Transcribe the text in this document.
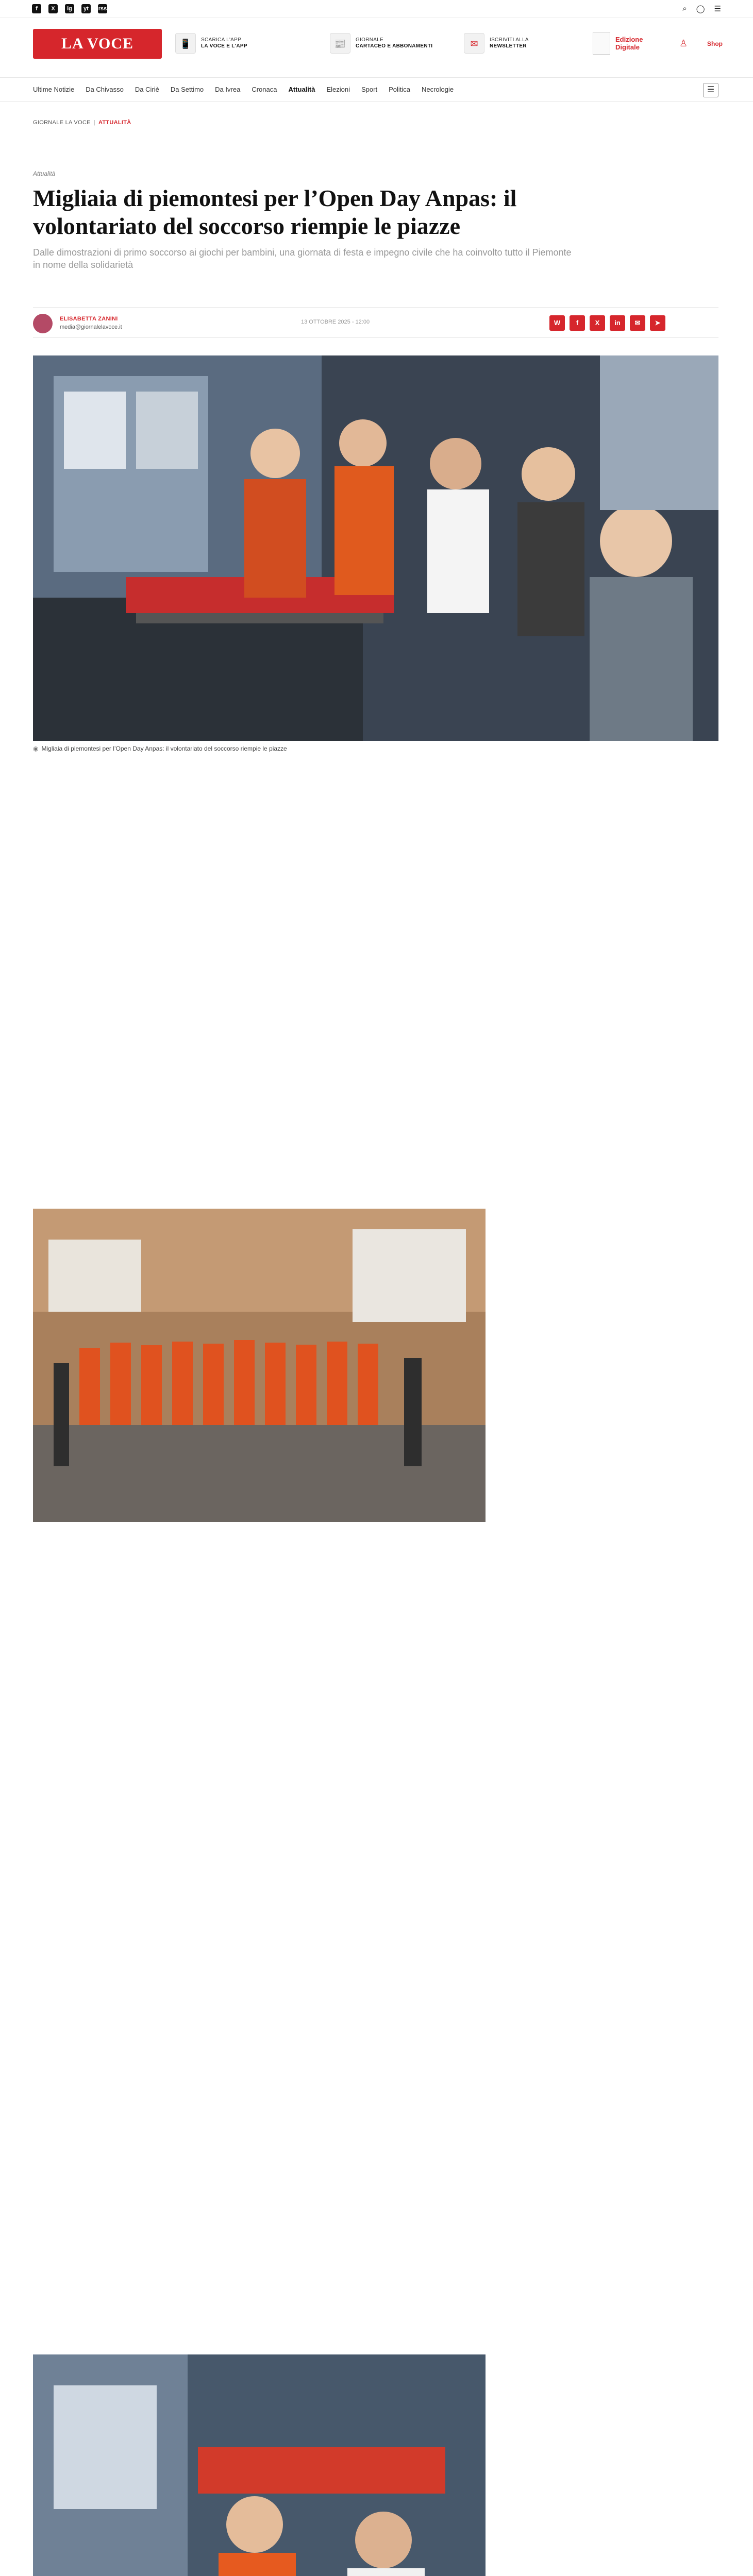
f	X	ig	yt	rss	⌕ ◯ ☰
LA VOCE	📱	SCARICA L'APP
LA VOCE E L'APP	📰	GIORNALE
CARTACEO E ABBONAMENTI	✉	ISCRIVITI ALLA
NEWSLETTER
Edizione Digitale	♙	Shop
Ultime Notizie Da Chivasso Da Ciriè Da Settimo Da Ivrea Cronaca Attualità Elezioni Sport Politica Necrologie	☰
GIORNALE LA VOCE | ATTUALITÀ
Attualità
Migliaia di piemontesi per l’Open Day Anpas: il volontariato del soccorso riempie le piazze
Dalle dimostrazioni di primo soccorso ai giochi per bambini, una giornata di festa e impegno civile che ha coinvolto tutto il Piemonte in nome della solidarietà
ELISABETTA ZANINI
media@giornalelavoce.it
13 OTTOBRE 2025 - 12:00	W	f	X	in	✉	➤
◉ Migliaia di piemontesi per l’Open Day Anpas: il volontariato del soccorso riempie le piazze
